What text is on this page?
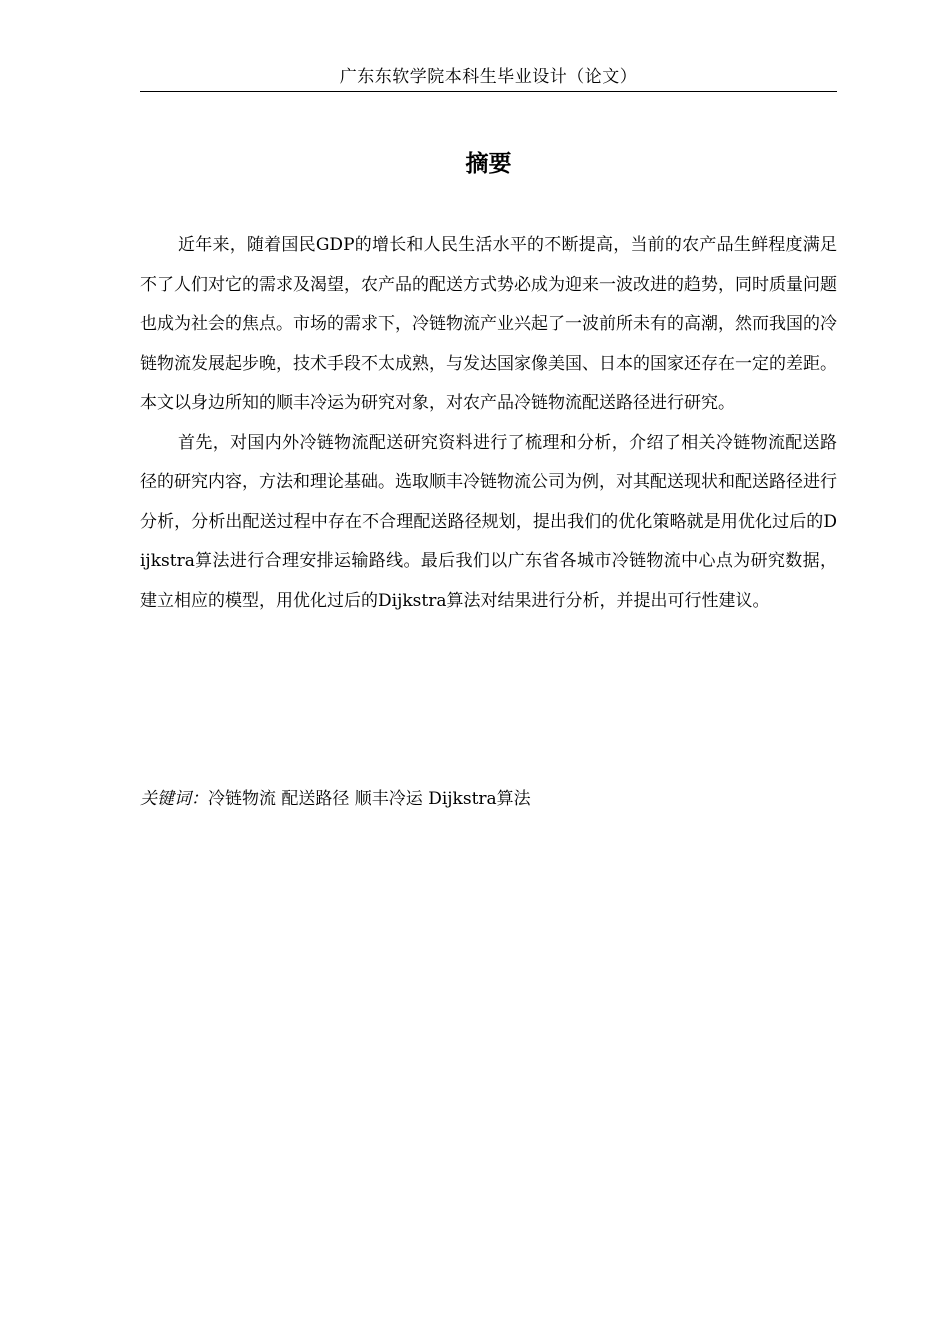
广东东软学院本科生毕业设计（论文）
摘要

近年来，随着国民GDP的增长和人民生活水平的不断提高，当前的农产品生鲜程度满足不了人们对它的需求及渴望，农产品的配送方式势必成为迎来一波改进的趋势，同时质量问题也成为社会的焦点。市场的需求下，冷链物流产业兴起了一波前所未有的高潮，然而我国的冷链物流发展起步晚，技术手段不太成熟，与发达国家像美国、日本的国家还存在一定的差距。本文以身边所知的顺丰冷运为研究对象，对农产品冷链物流配送路径进行研究。

首先，对国内外冷链物流配送研究资料进行了梳理和分析，介绍了相关冷链物流配送路径的研究内容，方法和理论基础。选取顺丰冷链物流公司为例，对其配送现状和配送路径进行分析，分析出配送过程中存在不合理配送路径规划，提出我们的优化策略就是用优化过后的Dijkstra算法进行合理安排运输路线。最后我们以广东省各城市冷链物流中心点为研究数据，建立相应的模型，用优化过后的Dijkstra算法对结果进行分析，并提出可行性建议。

关键词：冷链物流 配送路径 顺丰冷运 Dijkstra算法
